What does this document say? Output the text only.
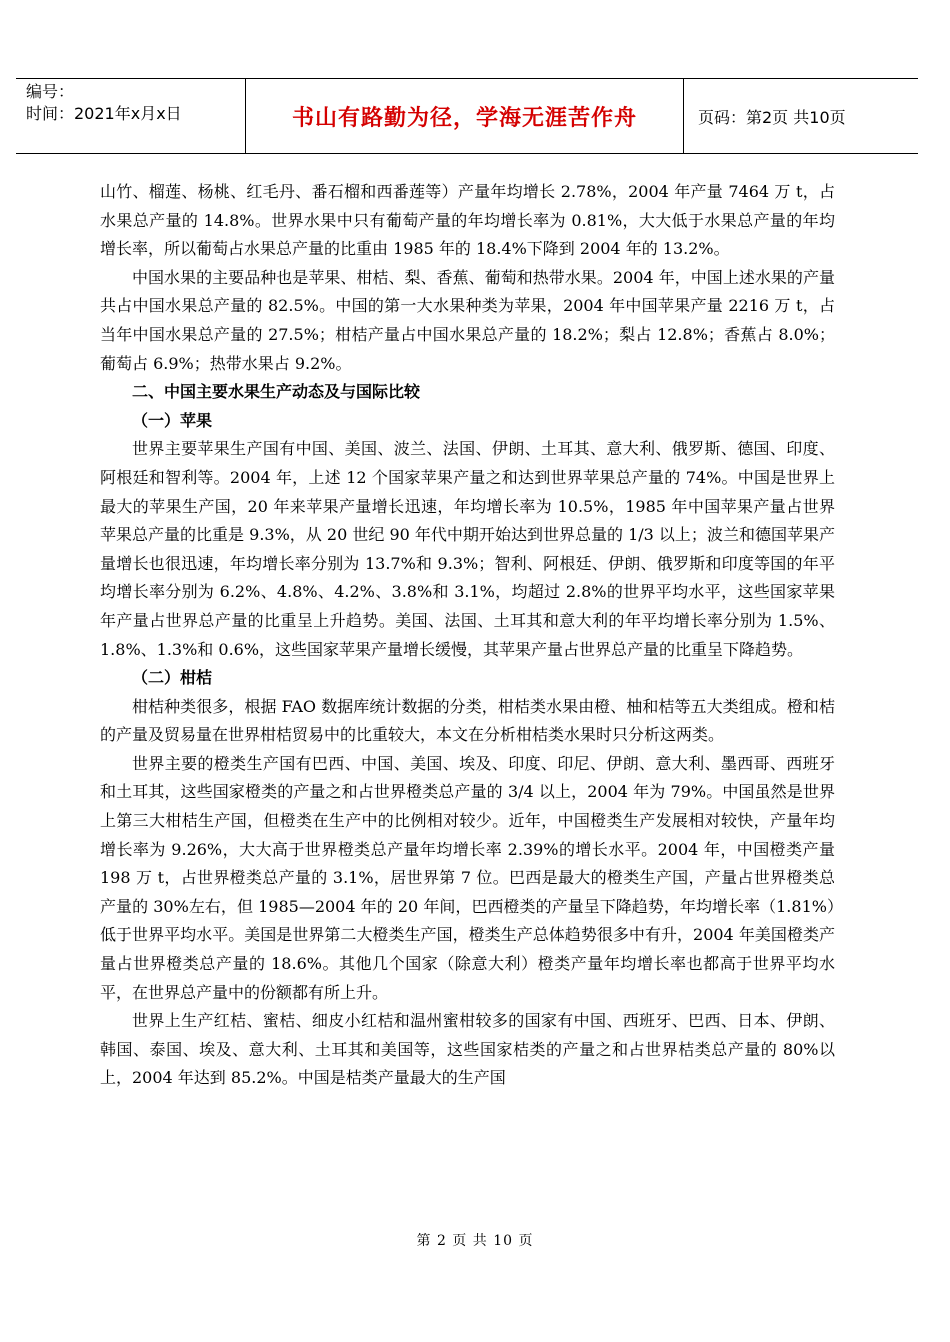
编号：
时间：2021年x月x日	书山有路勤为径，学海无涯苦作舟	页码：第2页 共10页

山竹、榴莲、杨桃、红毛丹、番石榴和西番莲等）产量年均增长 2.78%，2004 年产量 7464 万 t，占水果总产量的 14.8%。世界水果中只有葡萄产量的年均增长率为 0.81%，大大低于水果总产量的年均增长率，所以葡萄占水果总产量的比重由 1985 年的 18.4%下降到 2004 年的 13.2%。

中国水果的主要品种也是苹果、柑桔、梨、香蕉、葡萄和热带水果。2004 年，中国上述水果的产量共占中国水果总产量的 82.5%。中国的第一大水果种类为苹果，2004 年中国苹果产量 2216 万 t，占当年中国水果总产量的 27.5%；柑桔产量占中国水果总产量的 18.2%；梨占 12.8%；香蕉占 8.0%；葡萄占 6.9%；热带水果占 9.2%。

二、中国主要水果生产动态及与国际比较
（一）苹果

世界主要苹果生产国有中国、美国、波兰、法国、伊朗、土耳其、意大利、俄罗斯、德国、印度、阿根廷和智利等。2004 年，上述 12 个国家苹果产量之和达到世界苹果总产量的 74%。中国是世界上最大的苹果生产国，20 年来苹果产量增长迅速，年均增长率为 10.5%，1985 年中国苹果产量占世界苹果总产量的比重是 9.3%，从 20 世纪 90 年代中期开始达到世界总量的 1/3 以上；波兰和德国苹果产量增长也很迅速，年均增长率分别为 13.7%和 9.3%；智利、阿根廷、伊朗、俄罗斯和印度等国的年平均增长率分别为 6.2%、4.8%、4.2%、3.8%和 3.1%，均超过 2.8%的世界平均水平，这些国家苹果年产量占世界总产量的比重呈上升趋势。美国、法国、土耳其和意大利的年平均增长率分别为 1.5%、1.8%、1.3%和 0.6%，这些国家苹果产量增长缓慢，其苹果产量占世界总产量的比重呈下降趋势。

（二）柑桔

柑桔种类很多，根据 FAO 数据库统计数据的分类，柑桔类水果由橙、柚和桔等五大类组成。橙和桔的产量及贸易量在世界柑桔贸易中的比重较大，本文在分析柑桔类水果时只分析这两类。

世界主要的橙类生产国有巴西、中国、美国、埃及、印度、印尼、伊朗、意大利、墨西哥、西班牙和土耳其，这些国家橙类的产量之和占世界橙类总产量的 3/4 以上，2004 年为 79%。中国虽然是世界上第三大柑桔生产国，但橙类在生产中的比例相对较少。近年，中国橙类生产发展相对较快，产量年均增长率为 9.26%，大大高于世界橙类总产量年均增长率 2.39%的增长水平。2004 年，中国橙类产量 198 万 t，占世界橙类总产量的 3.1%，居世界第 7 位。巴西是最大的橙类生产国，产量占世界橙类总产量的 30%左右，但 1985—2004 年的 20 年间，巴西橙类的产量呈下降趋势，年均增长率（1.81%）低于世界平均水平。美国是世界第二大橙类生产国，橙类生产总体趋势很多中有升，2004 年美国橙类产量占世界橙类总产量的 18.6%。其他几个国家（除意大利）橙类产量年均增长率也都高于世界平均水平，在世界总产量中的份额都有所上升。

世界上生产红桔、蜜桔、细皮小红桔和温州蜜柑较多的国家有中国、西班牙、巴西、日本、伊朗、韩国、泰国、埃及、意大利、土耳其和美国等，这些国家桔类的产量之和占世界桔类总产量的 80%以上，2004 年达到 85.2%。中国是桔类产量最大的生产国

第 2 页 共 10 页
